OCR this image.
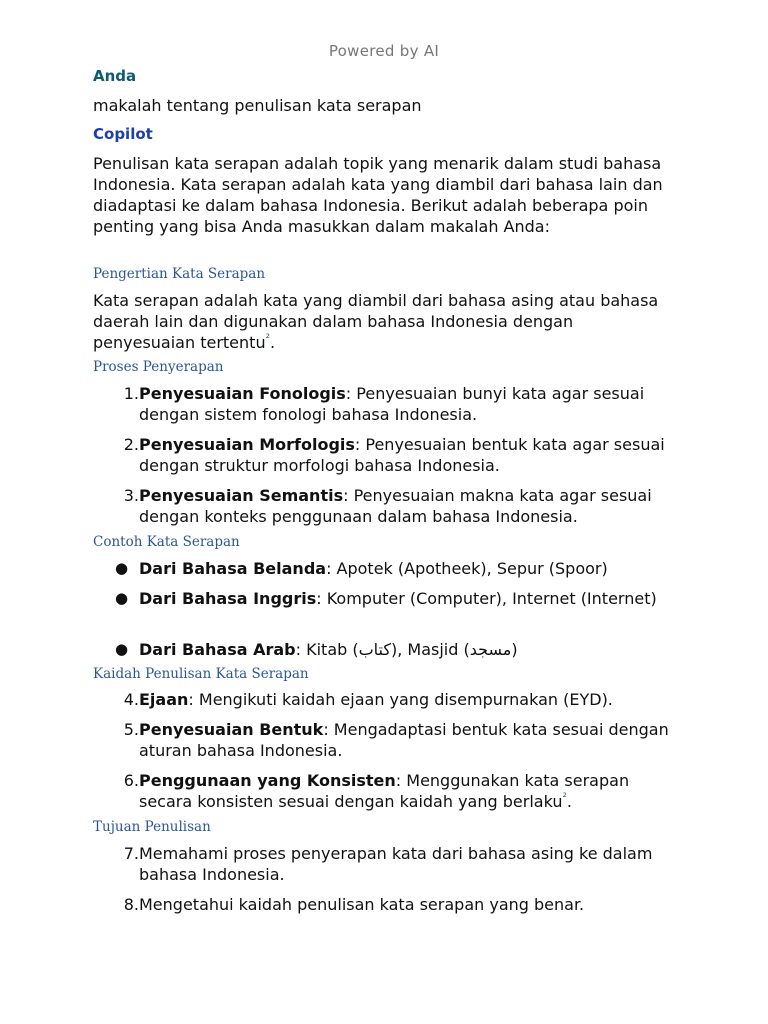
Powered by AI

Anda

makalah tentang penulisan kata serapan

Copilot

Penulisan kata serapan adalah topik yang menarik dalam studi bahasa Indonesia. Kata serapan adalah kata yang diambil dari bahasa lain dan diadaptasi ke dalam bahasa Indonesia. Berikut adalah beberapa poin penting yang bisa Anda masukkan dalam makalah Anda:

Pengertian Kata Serapan

Kata serapan adalah kata yang diambil dari bahasa asing atau bahasa daerah lain dan digunakan dalam bahasa Indonesia dengan penyesuaian tertentu$^{^2}$.

Proses Penyerapan

1. Penyesuaian Fonologis: Penyesuaian bunyi kata agar sesuai dengan sistem fonologi bahasa Indonesia.
2. Penyesuaian Morfologis: Penyesuaian bentuk kata agar sesuai dengan struktur morfologi bahasa Indonesia.
3. Penyesuaian Semantis: Penyesuaian makna kata agar sesuai dengan konteks penggunaan dalam bahasa Indonesia.

Contoh Kata Serapan

● Dari Bahasa Belanda: Apotek (Apotheek), Sepur (Spoor)
● Dari Bahasa Inggris: Komputer (Computer), Internet (Internet)
● Dari Bahasa Arab: Kitab (كتاب), Masjid (مسجد)

Kaidah Penulisan Kata Serapan

4. Ejaan: Mengikuti kaidah ejaan yang disempurnakan (EYD).
5. Penyesuaian Bentuk: Mengadaptasi bentuk kata sesuai dengan aturan bahasa Indonesia.
6. Penggunaan yang Konsisten: Menggunakan kata serapan secara konsisten sesuai dengan kaidah yang berlaku$^{^2}$.

Tujuan Penulisan

7. Memahami proses penyerapan kata dari bahasa asing ke dalam bahasa Indonesia.
8. Mengetahui kaidah penulisan kata serapan yang benar.
